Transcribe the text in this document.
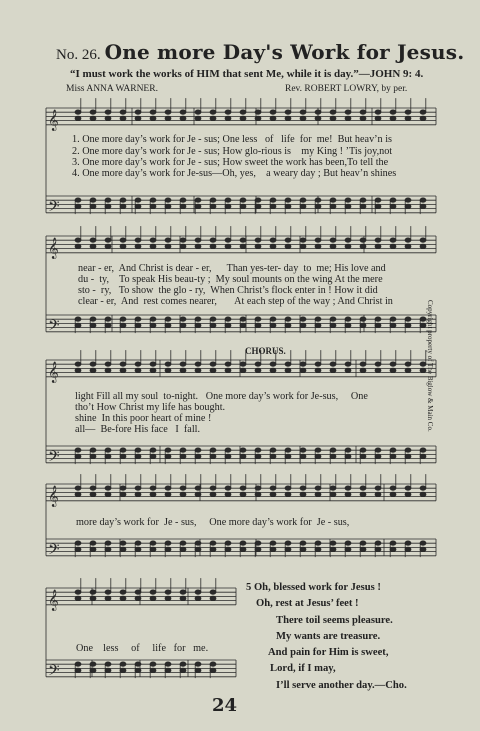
𝄞
𝄢
𝄞
𝄢
𝄞
𝄢
𝄞
𝄢
𝄞
𝄢
No. 26. One more Day's Work for Jesus.
“I must work the works of HIM that sent Me, while it is day.”—JOHN 9: 4.
Miss ANNA WARNER.	Rev. ROBERT LOWRY, by per.
1. One more day’s work for Je - sus; One less   of   life  for  me!  But heav’n is
2. One more day’s work for Je - sus; How glo-rious is    my King ! ’Tis joy,not
3. One more day’s work for Je - sus; How sweet the work has been,To tell the
4. One more day’s work for Je-sus—Oh, yes,    a weary day ; But heav’n shines
near - er,  And Christ is dear - er,      Than yes-ter- day  to  me; His love and
du -  ty,    To speak His beau-ty ;  My soul mounts on the wing At the mere
sto -  ry,   To show  the glo - ry,  When Christ’s flock enter in ! How it did
clear - er,  And  rest comes nearer,       At each step of the way ; And Christ in	Copyright property of The Biglow & Main Co.
CHORUS.
light Fill all my soul  to-night.   One more day’s work for Je-sus,     One
tho’t How Christ my life has bought.
shine  In this poor heart of mine !
all—  Be-fore His face   I  fall.
more day’s work for  Je - sus,     One more day’s work for  Je - sus,
One    less     of     life   for   me.
5 Oh, blessed work for Jesus !
Oh, rest at Jesus’ feet !
There toil seems pleasure.
My wants are treasure.
And pain for Him is sweet,
Lord, if I may,
I’ll serve another day.—Cho.
24
